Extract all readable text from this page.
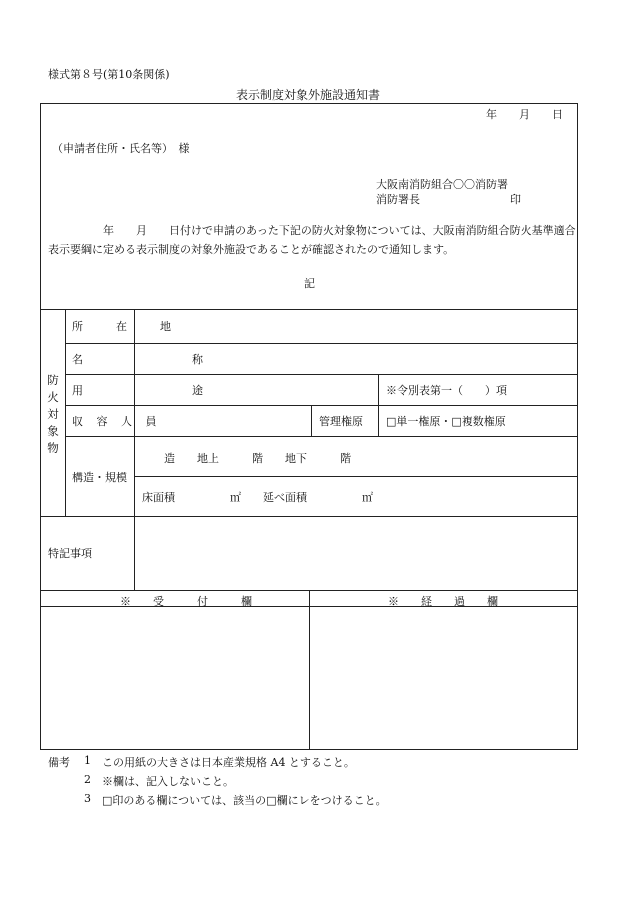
様式第８号(第10条関係)
表示制度対象外施設通知書
年　　月　　日
（申請者住所・氏名等）　様
大阪南消防組合〇〇消防署
消防署長	印
　　　　　年　　月　　日付けで申請のあった下記の防火対象物については、大阪南消防組合防火基準適合表示要綱に定める表示制度の対象外施設であることが確認されたので通知します。
記
防火対象物
所　在　地
名　　　称
用　　　途	※令別表第一（　　）項
収 容 人 員	管理権原 □単一権原・□複数権原
構造・規模
造　　地上　　　階　　地下　　　階
床面積　　　　　㎡　　延べ面積　　　　　㎡
特記事項
※　　受　　　付　　　欄	※　　経　　過　　欄
備考 1 この用紙の大きさは日本産業規格 A4 とすること。
2 ※欄は、記入しないこと。
3 □印のある欄については、該当の□欄にレをつけること。
